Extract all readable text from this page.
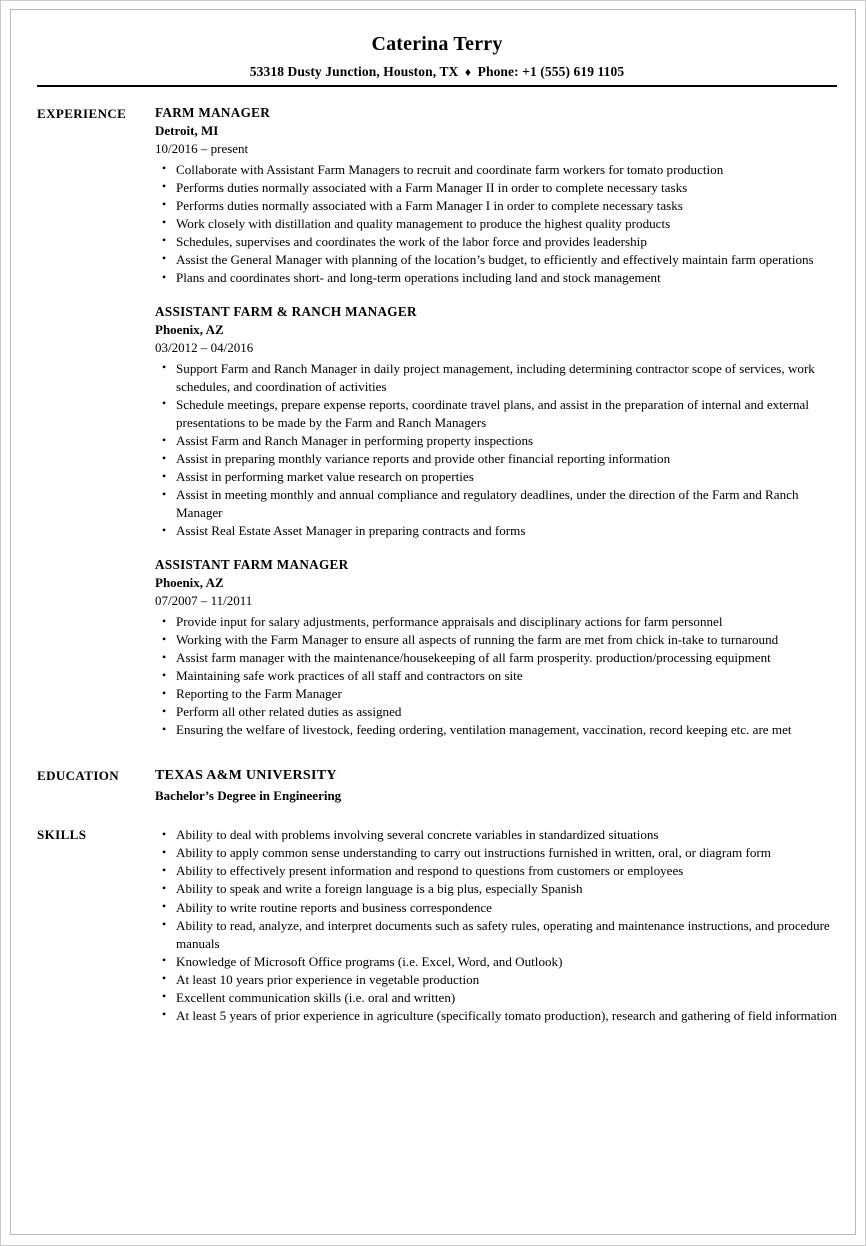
Caterina Terry
53318 Dusty Junction, Houston, TX ♦ Phone: +1 (555) 619 1105
EXPERIENCE	FARM MANAGER
Detroit, MI
10/2016 – present
• Collaborate with Assistant Farm Managers to recruit and coordinate farm workers for tomato production
• Performs duties normally associated with a Farm Manager II in order to complete necessary tasks
• Performs duties normally associated with a Farm Manager I in order to complete necessary tasks
• Work closely with distillation and quality management to produce the highest quality products
• Schedules, supervises and coordinates the work of the labor force and provides leadership
• Assist the General Manager with planning of the location’s budget, to efficiently and effectively maintain farm operations
• Plans and coordinates short- and long-term operations including land and stock management
ASSISTANT FARM & RANCH MANAGER
Phoenix, AZ
03/2012 – 04/2016
• Support Farm and Ranch Manager in daily project management, including determining contractor scope of services, work schedules, and coordination of activities
• Schedule meetings, prepare expense reports, coordinate travel plans, and assist in the preparation of internal and external presentations to be made by the Farm and Ranch Managers
• Assist Farm and Ranch Manager in performing property inspections
• Assist in preparing monthly variance reports and provide other financial reporting information
• Assist in performing market value research on properties
• Assist in meeting monthly and annual compliance and regulatory deadlines, under the direction of the Farm and Ranch Manager
• Assist Real Estate Asset Manager in preparing contracts and forms
ASSISTANT FARM MANAGER
Phoenix, AZ
07/2007 – 11/2011
• Provide input for salary adjustments, performance appraisals and disciplinary actions for farm personnel
• Working with the Farm Manager to ensure all aspects of running the farm are met from chick in-take to turnaround
• Assist farm manager with the maintenance/housekeeping of all farm prosperity. production/processing equipment
• Maintaining safe work practices of all staff and contractors on site
• Reporting to the Farm Manager
• Perform all other related duties as assigned
• Ensuring the welfare of livestock, feeding ordering, ventilation management, vaccination, record keeping etc. are met
EDUCATION	TEXAS A&M UNIVERSITY
Bachelor’s Degree in Engineering
SKILLS	• Ability to deal with problems involving several concrete variables in standardized situations
• Ability to apply common sense understanding to carry out instructions furnished in written, oral, or diagram form
• Ability to effectively present information and respond to questions from customers or employees
• Ability to speak and write a foreign language is a big plus, especially Spanish
• Ability to write routine reports and business correspondence
• Ability to read, analyze, and interpret documents such as safety rules, operating and maintenance instructions, and procedure manuals
• Knowledge of Microsoft Office programs (i.e. Excel, Word, and Outlook)
• At least 10 years prior experience in vegetable production
• Excellent communication skills (i.e. oral and written)
• At least 5 years of prior experience in agriculture (specifically tomato production), research and gathering of field information
